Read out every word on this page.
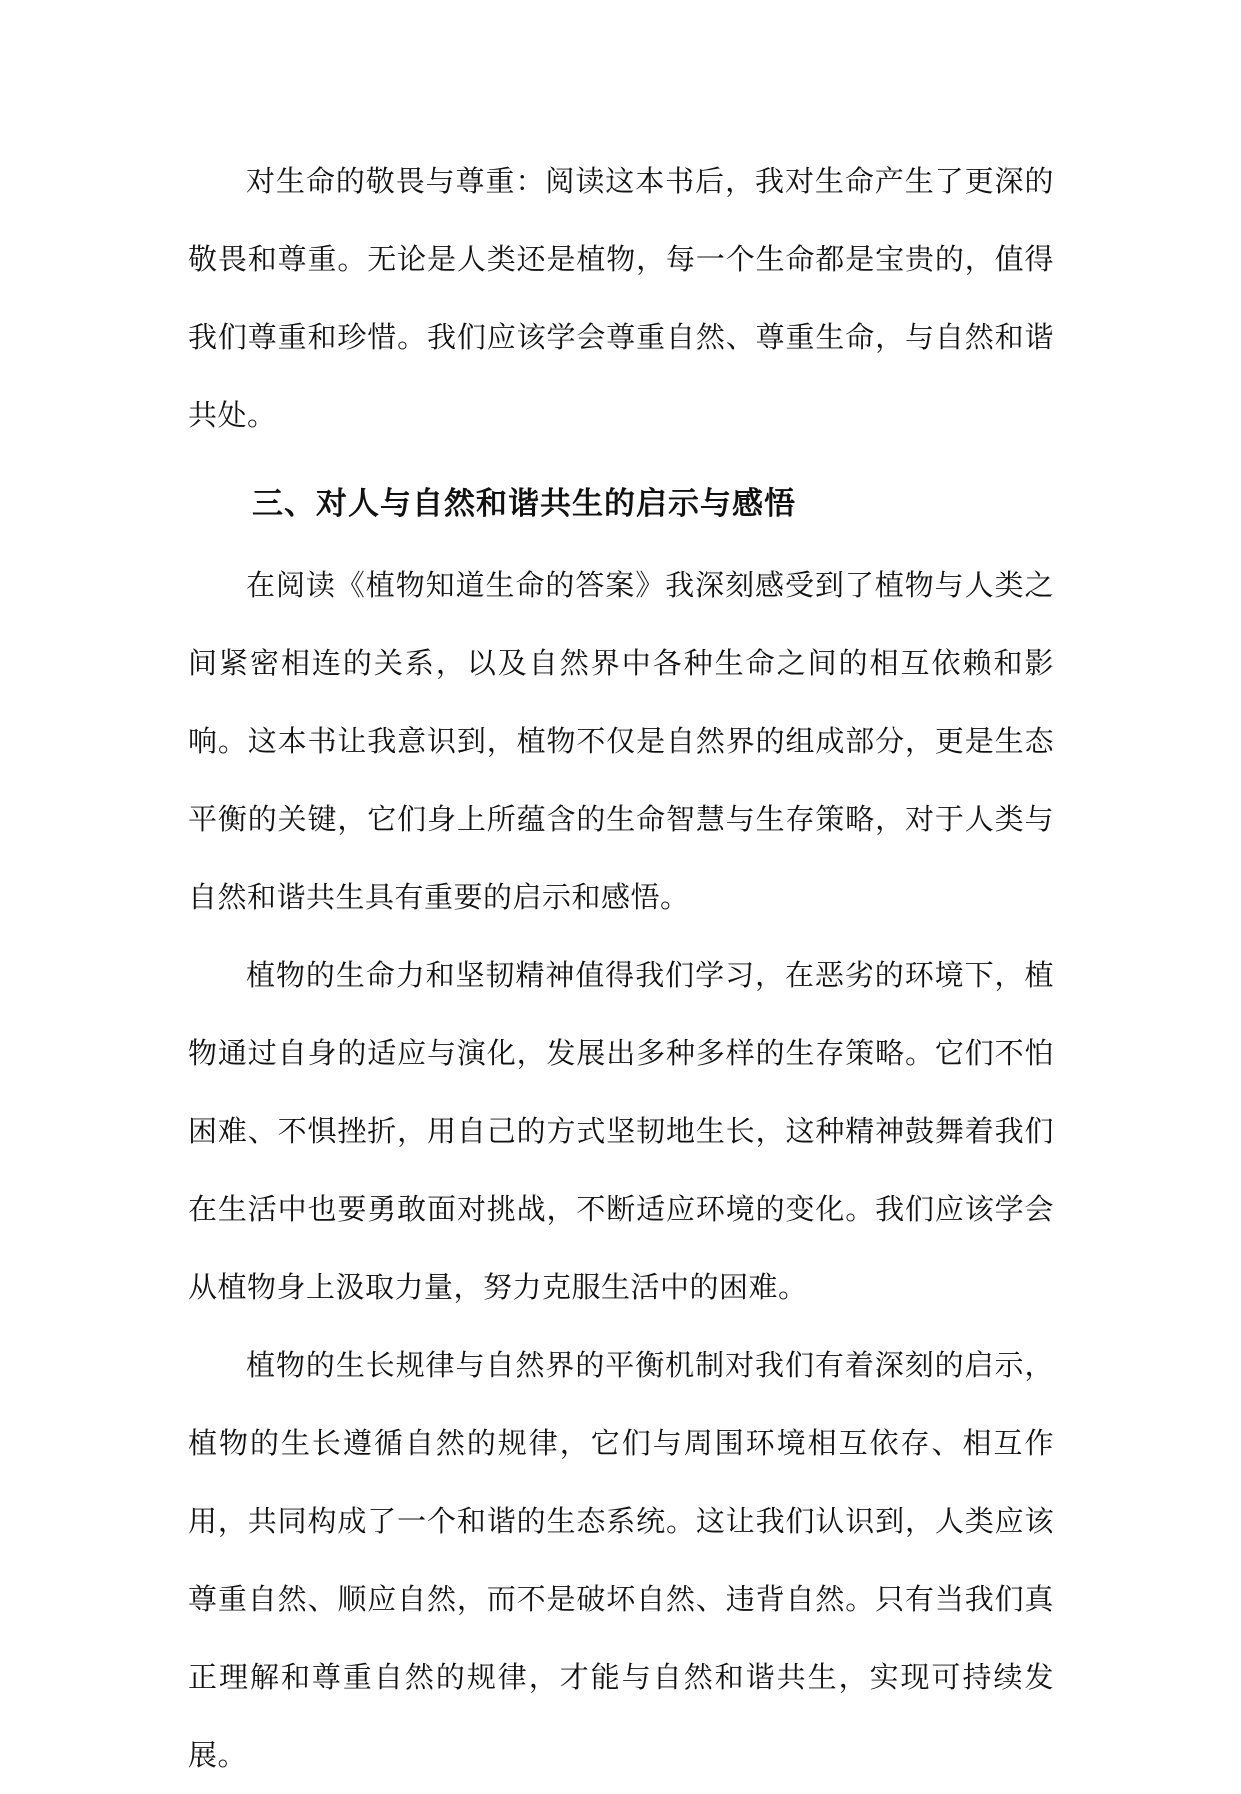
对生命的敬畏与尊重：阅读这本书后，我对生命产生了更深的敬畏和尊重。无论是人类还是植物，每一个生命都是宝贵的，值得我们尊重和珍惜。我们应该学会尊重自然、尊重生命，与自然和谐共处。

三、对人与自然和谐共生的启示与感悟

在阅读《植物知道生命的答案》我深刻感受到了植物与人类之间紧密相连的关系，以及自然界中各种生命之间的相互依赖和影响。这本书让我意识到，植物不仅是自然界的组成部分，更是生态平衡的关键，它们身上所蕴含的生命智慧与生存策略，对于人类与自然和谐共生具有重要的启示和感悟。

植物的生命力和坚韧精神值得我们学习，在恶劣的环境下，植物通过自身的适应与演化，发展出多种多样的生存策略。它们不怕困难、不惧挫折，用自己的方式坚韧地生长，这种精神鼓舞着我们在生活中也要勇敢面对挑战，不断适应环境的变化。我们应该学会从植物身上汲取力量，努力克服生活中的困难。

植物的生长规律与自然界的平衡机制对我们有着深刻的启示，植物的生长遵循自然的规律，它们与周围环境相互依存、相互作用，共同构成了一个和谐的生态系统。这让我们认识到，人类应该尊重自然、顺应自然，而不是破坏自然、违背自然。只有当我们真正理解和尊重自然的规律，才能与自然和谐共生，实现可持续发展。
